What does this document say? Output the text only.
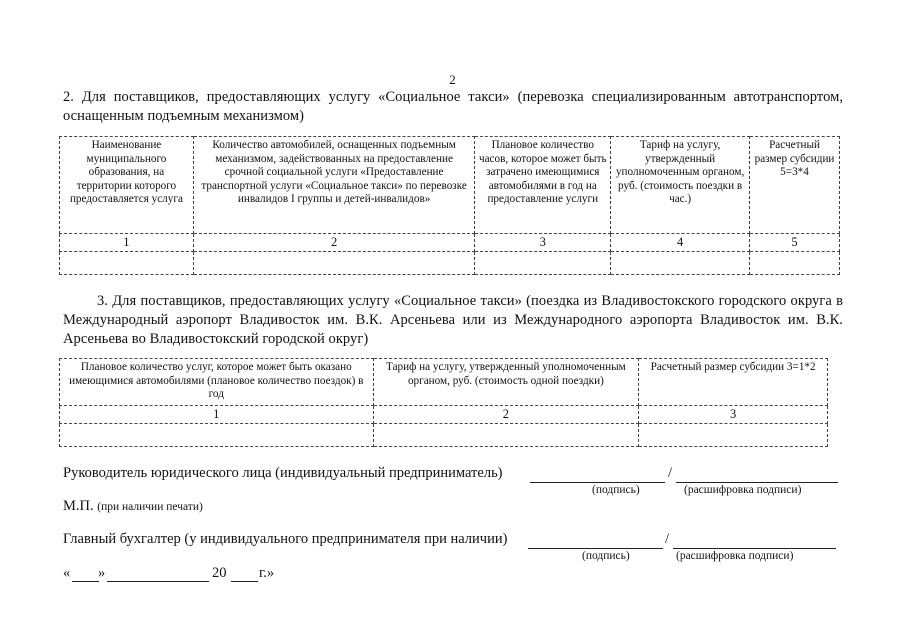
2
2. Для поставщиков, предоставляющих услугу «Социальное такси» (перевозка специализированным автотранспортом, оснащенным подъемным механизмом)
Наименование муниципального образования, на территории которого предоставляется услуга	Количество автомобилей, оснащенных подъемным механизмом, задействованных на предоставление срочной социальной услуги «Предоставление транспортной услуги «Социальное такси» по перевозке инвалидов I группы и детей-инвалидов»	Плановое количество часов, которое может быть затрачено имеющимися автомобилями в год на предоставление услуги	Тариф на услугу, утвержденный уполномоченным органом, руб. (стоимость поездки в час.)	Расчетный размер субсидии 5=3*4
1	2	3	4	5

3. Для поставщиков, предоставляющих услугу «Социальное такси» (поездка из Владивостокского городского округа в Международный аэропорт Владивосток им. В.К. Арсеньева или из Международного аэропорта Владивосток им. В.К. Арсеньева во Владивостокский городской округ)
Плановое количество услуг, которое может быть оказано имеющимися автомобилями (плановое количество поездок) в год	Тариф на услугу, утвержденный уполномоченным органом, руб. (стоимость одной поездки)	Расчетный размер субсидии 3=1*2
1	2	3

Руководитель юридического лица (индивидуальный предприниматель)	/
(подпись)	(расшифровка подписи)
М.П. (при наличии печати)
Главный бухгалтер (у индивидуального предпринимателя при наличии)	/
(подпись)	(расшифровка подписи)
« »	20 г.»
